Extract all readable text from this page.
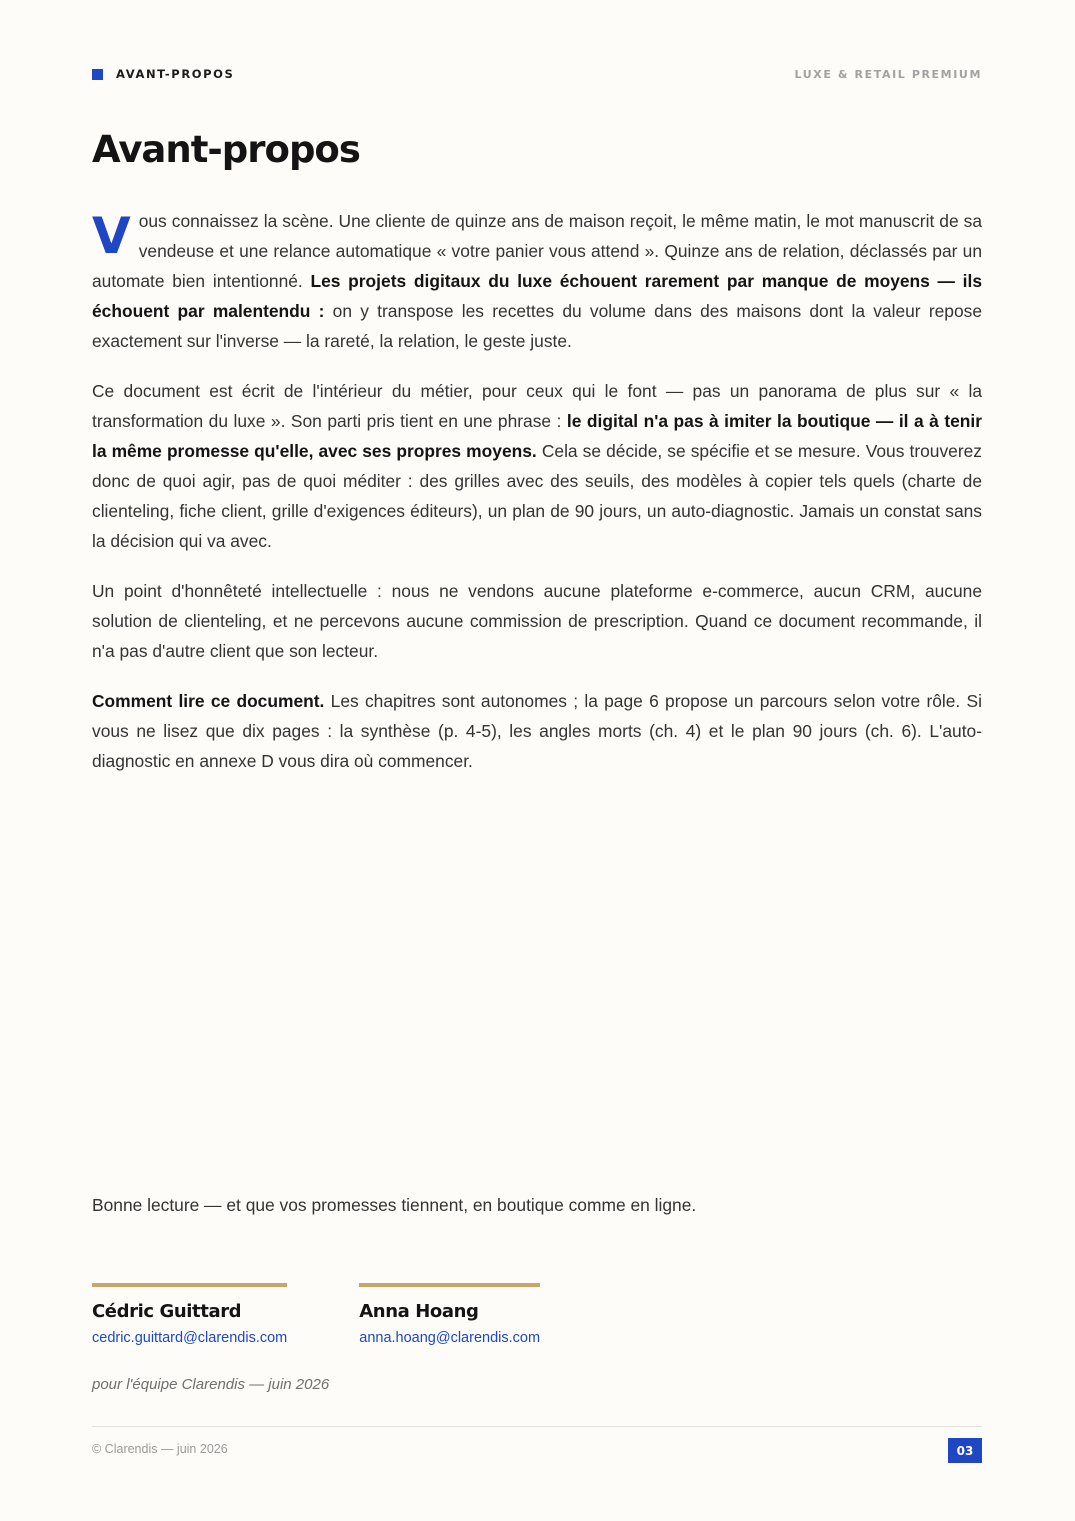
AVANT-PROPOS	LUXE & RETAIL PREMIUM
Avant-propos

Vous connaissez la scène. Une cliente de quinze ans de maison reçoit, le même matin, le mot manuscrit de sa vendeuse et une relance automatique « votre panier vous attend ». Quinze ans de relation, déclassés par un automate bien intentionné. Les projets digitaux du luxe échouent rarement par manque de moyens — ils échouent par malentendu : on y transpose les recettes du volume dans des maisons dont la valeur repose exactement sur l'inverse — la rareté, la relation, le geste juste.

Ce document est écrit de l'intérieur du métier, pour ceux qui le font — pas un panorama de plus sur « la transformation du luxe ». Son parti pris tient en une phrase : le digital n'a pas à imiter la boutique — il a à tenir la même promesse qu'elle, avec ses propres moyens. Cela se décide, se spécifie et se mesure. Vous trouverez donc de quoi agir, pas de quoi méditer : des grilles avec des seuils, des modèles à copier tels quels (charte de clienteling, fiche client, grille d'exigences éditeurs), un plan de 90 jours, un auto-diagnostic. Jamais un constat sans la décision qui va avec.

Un point d'honnêteté intellectuelle : nous ne vendons aucune plateforme e-commerce, aucun CRM, aucune solution de clienteling, et ne percevons aucune commission de prescription. Quand ce document recommande, il n'a pas d'autre client que son lecteur.

Comment lire ce document. Les chapitres sont autonomes ; la page 6 propose un parcours selon votre rôle. Si vous ne lisez que dix pages : la synthèse (p. 4-5), les angles morts (ch. 4) et le plan 90 jours (ch. 6). L'auto-diagnostic en annexe D vous dira où commencer.

Bonne lecture — et que vos promesses tiennent, en boutique comme en ligne.
Cédric Guittard
cedric.guittard@clarendis.com
Anna Hoang
anna.hoang@clarendis.com
pour l'équipe Clarendis — juin 2026
© Clarendis — juin 2026	03
